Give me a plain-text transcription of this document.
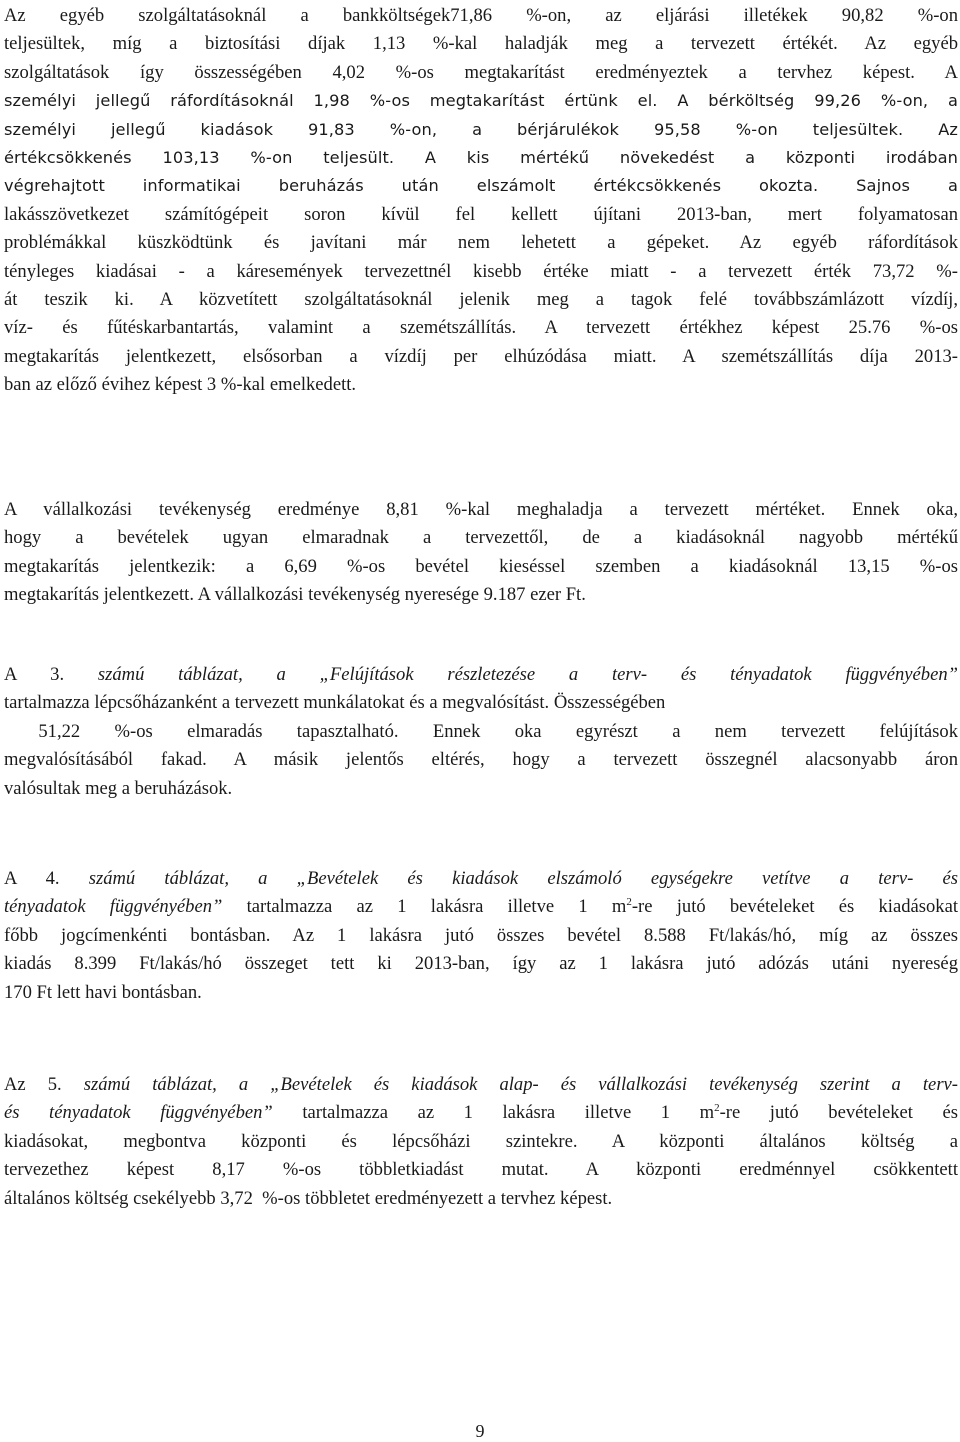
Az egyéb szolgáltatásoknál a bankköltségek71,86 %-on, az eljárási illetékek 90,82 %-on
teljesültek, míg a biztosítási díjak 1,13 %-kal haladják meg a tervezett értékét. Az egyéb
szolgáltatások így összességében 4,02 %-os megtakarítást eredményeztek a tervhez képest. A
személyi jellegű ráfordításoknál 1,98 %-os megtakarítást értünk el. A bérköltség 99,26 %-on, a
személyi jellegű kiadások 91,83 %-on, a bérjárulékok 95,58 %-on teljesültek. Az
értékcsökkenés 103,13 %-on teljesült. A kis mértékű növekedést a központi irodában
végrehajtott informatikai beruházás után elszámolt értékcsökkenés okozta. Sajnos a
lakásszövetkezet számítógépeit soron kívül fel kellett újítani 2013-ban, mert folyamatosan
problémákkal küszködtünk és javítani már nem lehetett a gépeket. Az egyéb ráfordítások
tényleges kiadásai - a káresemények tervezettnél kisebb értéke miatt - a tervezett érték 73,72 %-
át teszik ki. A közvetített szolgáltatásoknál jelenik meg a tagok felé továbbszámlázott vízdíj,
víz- és fűtéskarbantartás, valamint a szemétszállítás. A tervezett értékhez képest 25.76 %-os
megtakarítás jelentkezett, elsősorban a vízdíj per elhúzódása miatt. A szemétszállítás díja 2013-
ban az előző évihez képest 3 %-kal emelkedett.
A vállalkozási tevékenység eredménye 8,81 %-kal meghaladja a tervezett mértéket. Ennek oka,
hogy a bevételek ugyan elmaradnak a tervezettől, de a kiadásoknál nagyobb mértékű
megtakarítás jelentkezik: a 6,69 %-os bevétel kieséssel szemben a kiadásoknál 13,15 %-os
megtakarítás jelentkezett. A vállalkozási tevékenység nyeresége 9.187 ezer Ft.
A 3. számú táblázat, a „Felújítások részletezése a terv- és tényadatok függvényében”
tartalmazza lépcsőházanként a tervezett munkálatokat és a megvalósítást. Összességében
51,22 %-os elmaradás tapasztalható. Ennek oka egyrészt a nem tervezett felújítások
megvalósításából fakad. A másik jelentős eltérés, hogy a tervezett összegnél alacsonyabb áron
valósultak meg a beruházások.
A 4. számú táblázat, a „Bevételek és kiadások elszámoló egységekre vetítve a terv- és
tényadatok függvényében” tartalmazza az 1 lakásra illetve 1 $m^2-re$ jutó bevételeket és kiadásokat
főbb jogcímenkénti bontásban. Az 1 lakásra jutó összes bevétel 8.588 Ft/lakás/hó, míg az összes
kiadás 8.399 Ft/lakás/hó összeget tett ki 2013-ban, így az 1 lakásra jutó adózás utáni nyereség
170 Ft lett havi bontásban.
Az 5. számú táblázat, a „Bevételek és kiadások alap- és vállalkozási tevékenység szerint a terv-
és tényadatok függvényében” tartalmazza az 1 lakásra illetve 1 $m^2-re$ jutó bevételeket és
kiadásokat, megbontva központi és lépcsőházi szintekre. A központi általános költség a
tervezethez képest 8,17 %-os többletkiadást mutat. A központi eredménnyel csökkentett
általános költség csekélyebb 3,72  %-os többletet eredményezett a tervhez képest.
9
